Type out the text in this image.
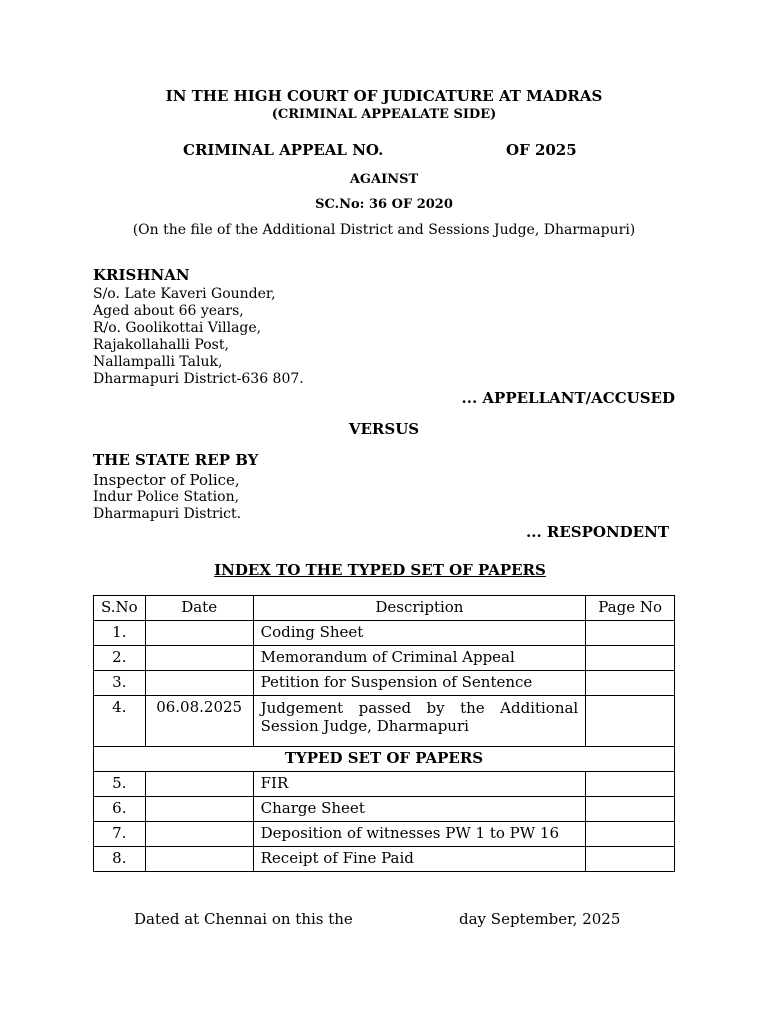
IN THE HIGH COURT OF JUDICATURE AT MADRAS
(CRIMINAL APPEALATE SIDE)
CRIMINAL APPEAL NO.	OF 2025
AGAINST
SC.No: 36 OF 2020
(On the file of the Additional District and Sessions Judge, Dharmapuri)
KRISHNAN
S/o. Late Kaveri Gounder,
Aged about 66 years,
R/o. Goolikottai Village,
Rajakollahalli Post,
Nallampalli Taluk,
Dharmapuri District-636 807.
... APPELLANT/ACCUSED
VERSUS
THE STATE REP BY
Inspector of Police,
Indur Police Station,
Dharmapuri District.
... RESPONDENT
INDEX TO THE TYPED SET OF PAPERS
S.No	Date	Description	Page No
1.		Coding Sheet	
2.		Memorandum of Criminal Appeal	
3.		Petition for Suspension of Sentence	
4.	06.08.2025	Judgement passed by the Additional Session Judge, Dharmapuri	
TYPED SET OF PAPERS			
5.		FIR	
6.		Charge Sheet	
7.		Deposition of witnesses PW 1 to PW 16	
8.		Receipt of Fine Paid	
Dated at Chennai on this the	day September, 2025
